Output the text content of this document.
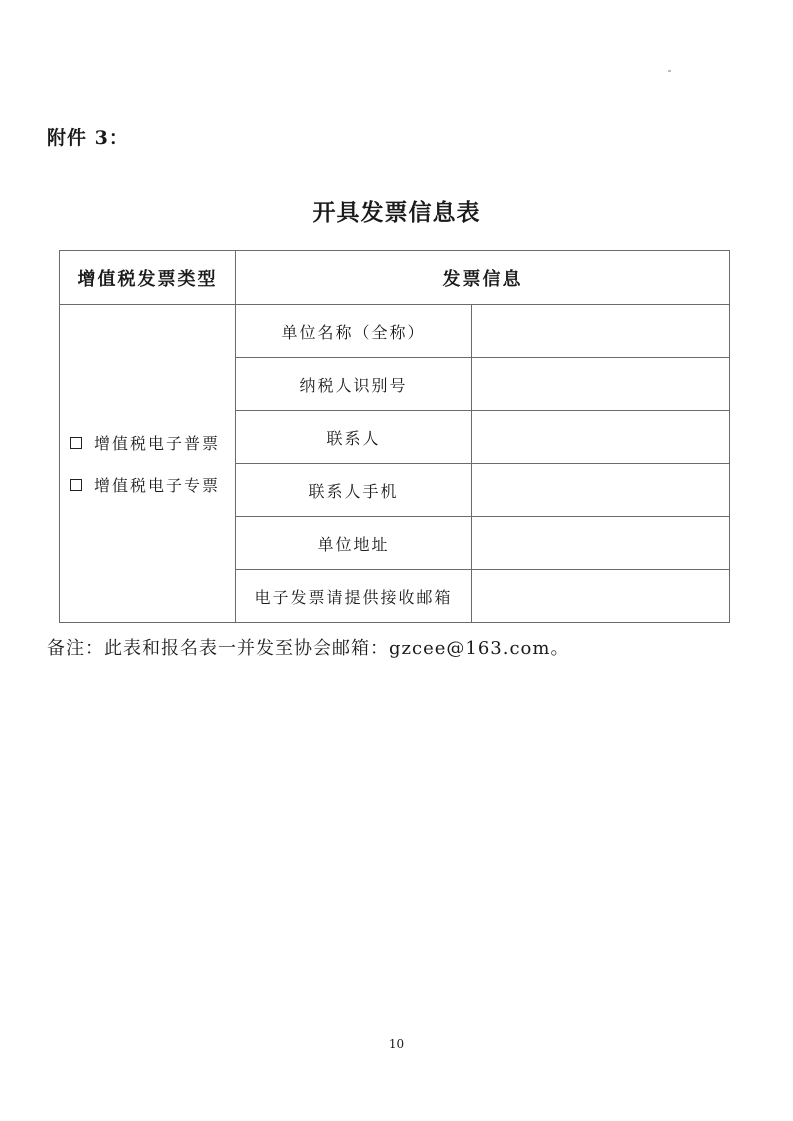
附件 3：
开具发票信息表
增值税发票类型	发票信息	

增值税电子普票
增值税电子专票	单位名称（全称）	
	纳税人识别号	
	联系人	
	联系人手机	
	单位地址	
	电子发票请提供接收邮箱	
备注：此表和报名表一并发至协会邮箱：gzcee@163.com。
10
